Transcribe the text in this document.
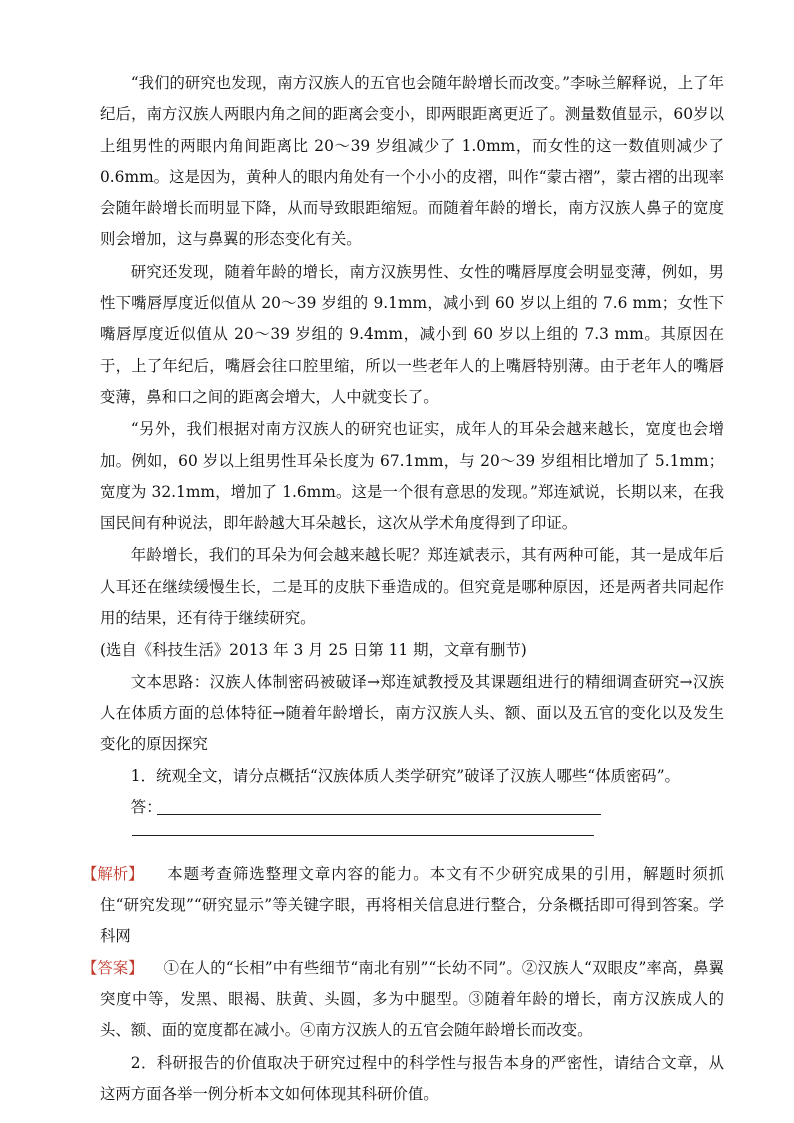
“我们的研究也发现，南方汉族人的五官也会随年龄增长而改变。”李咏兰解释说，上了年纪后，南方汉族人两眼内角之间的距离会变小，即两眼距离更近了。测量数值显示，60岁以上组男性的两眼内角间距离比 20～39 岁组减少了 1.0mm，而女性的这一数值则减少了 0.6mm。这是因为，黄种人的眼内角处有一个小小的皮褶，叫作“蒙古褶”，蒙古褶的出现率会随年龄增长而明显下降，从而导致眼距缩短。而随着年龄的增长，南方汉族人鼻子的宽度则会增加，这与鼻翼的形态变化有关。

研究还发现，随着年龄的增长，南方汉族男性、女性的嘴唇厚度会明显变薄，例如，男性下嘴唇厚度近似值从 20～39 岁组的 9.1mm，减小到 60 岁以上组的 7.6 mm；女性下嘴唇厚度近似值从 20～39 岁组的 9.4mm，减小到 60 岁以上组的 7.3 mm。其原因在于，上了年纪后，嘴唇会往口腔里缩，所以一些老年人的上嘴唇特别薄。由于老年人的嘴唇变薄，鼻和口之间的距离会增大，人中就变长了。

“另外，我们根据对南方汉族人的研究也证实，成年人的耳朵会越来越长，宽度也会增加。例如，60 岁以上组男性耳朵长度为 67.1mm，与 20～39 岁组相比增加了 5.1mm；宽度为 32.1mm，增加了 1.6mm。这是一个很有意思的发现。”郑连斌说，长期以来，在我国民间有种说法，即年龄越大耳朵越长，这次从学术角度得到了印证。

年龄增长，我们的耳朵为何会越来越长呢？郑连斌表示，其有两种可能，其一是成年后人耳还在继续缓慢生长，二是耳的皮肤下垂造成的。但究竟是哪种原因，还是两者共同起作用的结果，还有待于继续研究。

(选自《科技生活》2013 年 3 月 25 日第 11 期，文章有删节)

文本思路：汉族人体制密码被破译→郑连斌教授及其课题组进行的精细调查研究→汉族人在体质方面的总体特征→随着年龄增长，南方汉族人头、额、面以及五官的变化以及发生变化的原因探究

1．统观全文，请分点概括“汉族体质人类学研究”破译了汉族人哪些“体质密码”。

答：

【解析】 本题考查筛选整理文章内容的能力。本文有不少研究成果的引用，解题时须抓住“研究发现”“研究显示”等关键字眼，再将相关信息进行整合，分条概括即可得到答案。学科网

【答案】 ①在人的“长相”中有些细节“南北有别”“长幼不同”。②汉族人“双眼皮”率高，鼻翼突度中等，发黑、眼褐、肤黄、头圆，多为中腿型。③随着年龄的增长，南方汉族成人的头、额、面的宽度都在减小。④南方汉族人的五官会随年龄增长而改变。

2．科研报告的价值取决于研究过程中的科学性与报告本身的严密性，请结合文章，从这两方面各举一例分析本文如何体现其科研价值。
